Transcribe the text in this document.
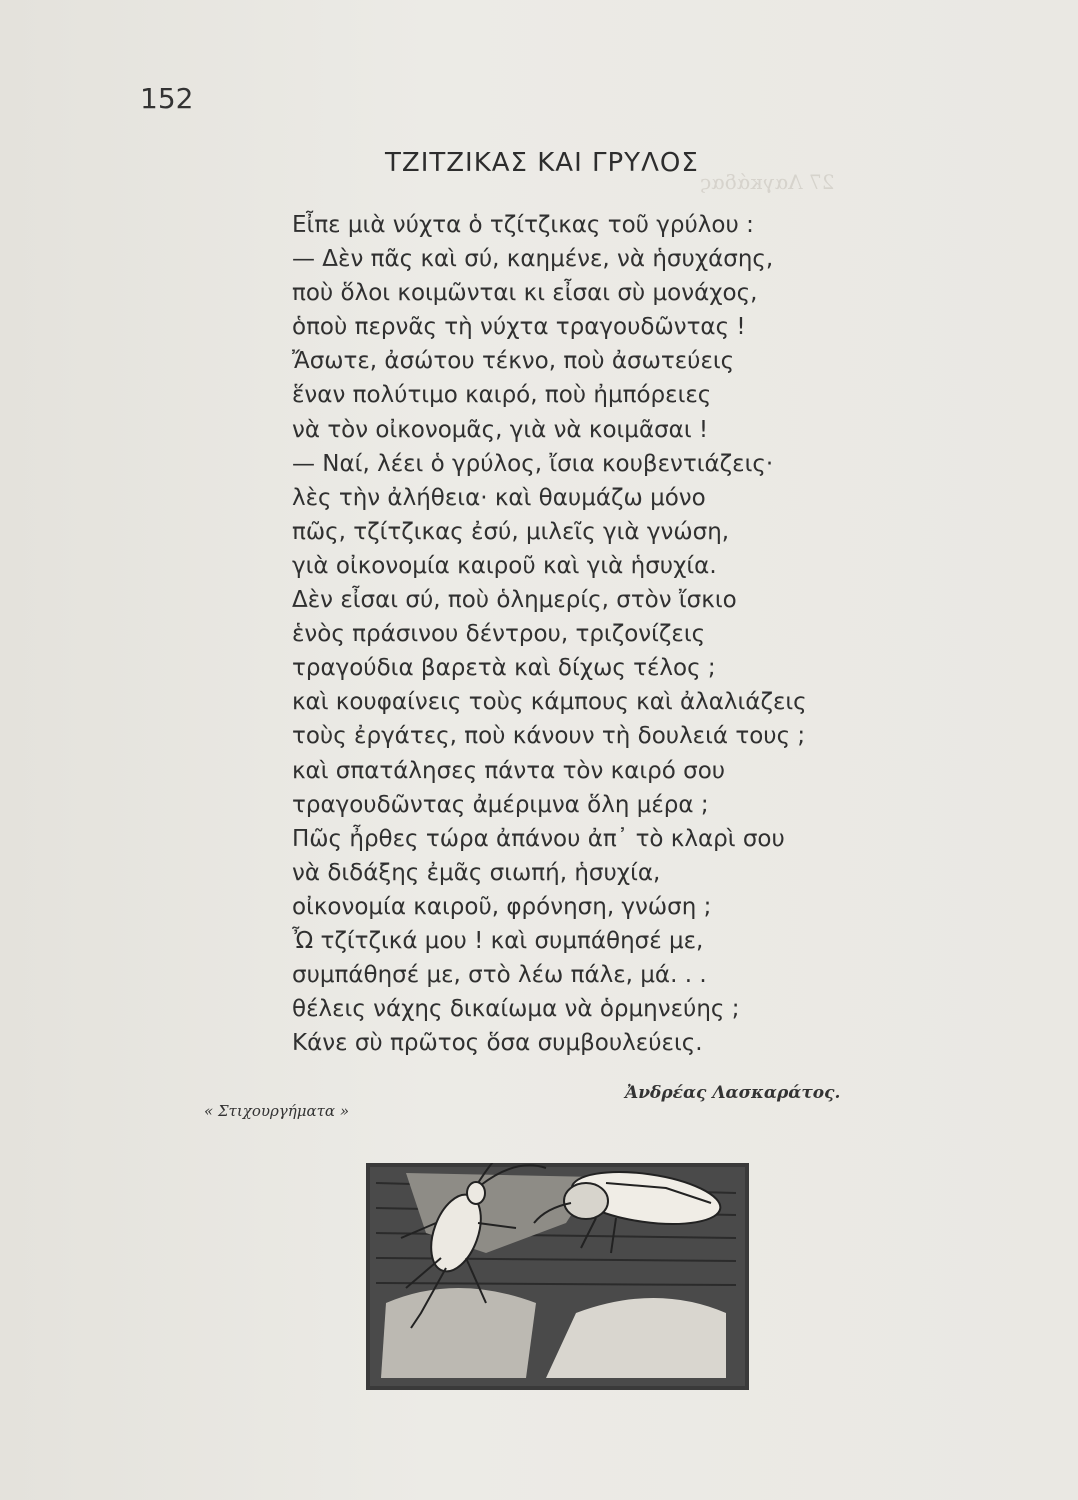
27 Λαγκάδας
152
ΤΖΙΤΖΙΚΑΣ ΚΑΙ ΓΡΥΛΟΣ
Εἶπε μιὰ νύχτα ὁ τζίτζικας τοῦ γρύλου :
— Δὲν πᾶς καὶ σύ, καημένε, νὰ ἡσυχάσης,
ποὺ ὅλοι κοιμῶνται κι εἶσαι σὺ μονάχος,
ὁποὺ περνᾶς τὴ νύχτα τραγουδῶντας !
Ἄσωτε, ἀσώτου τέκνο, ποὺ ἀσωτεύεις
ἕναν πολύτιμο καιρό, ποὺ ἠμπόρειες
νὰ τὸν οἰκονομᾶς, γιὰ νὰ κοιμᾶσαι !
— Ναί, λέει ὁ γρύλος, ἴσια κουβεντιάζεις·
λὲς τὴν ἀλήθεια· καὶ θαυμάζω μόνο
πῶς, τζίτζικας ἐσύ, μιλεῖς γιὰ γνώση,
γιὰ οἰκονομία καιροῦ καὶ γιὰ ἡσυχία.
Δὲν εἶσαι σύ, ποὺ ὁλημερίς, στὸν ἴσκιο
ἑνὸς πράσινου δέντρου, τριζονίζεις
τραγούδια βαρετὰ καὶ δίχως τέλος ;
καὶ κουφαίνεις τοὺς κάμπους καὶ ἀλαλιάζεις
τοὺς ἐργάτες, ποὺ κάνουν τὴ δουλειά τους ;
καὶ σπατάλησες πάντα τὸν καιρό σου
τραγουδῶντας ἀμέριμνα ὅλη μέρα ;
Πῶς ἦρθες τώρα ἀπάνου ἀπ᾽ τὸ κλαρὶ σου
νὰ διδάξης ἐμᾶς σιωπή, ἡσυχία,
οἰκονομία καιροῦ, φρόνηση, γνώση ;
Ὦ τζίτζικά μου ! καὶ συμπάθησέ με,
συμπάθησέ με, στὸ λέω πάλε, μά. . .
θέλεις νάχης δικαίωμα νὰ ὁρμηνεύης ;
Κάνε σὺ πρῶτος ὅσα συμβουλεύεις.
Ἀνδρέας Λασκαράτος.
« Στιχουργήματα »
